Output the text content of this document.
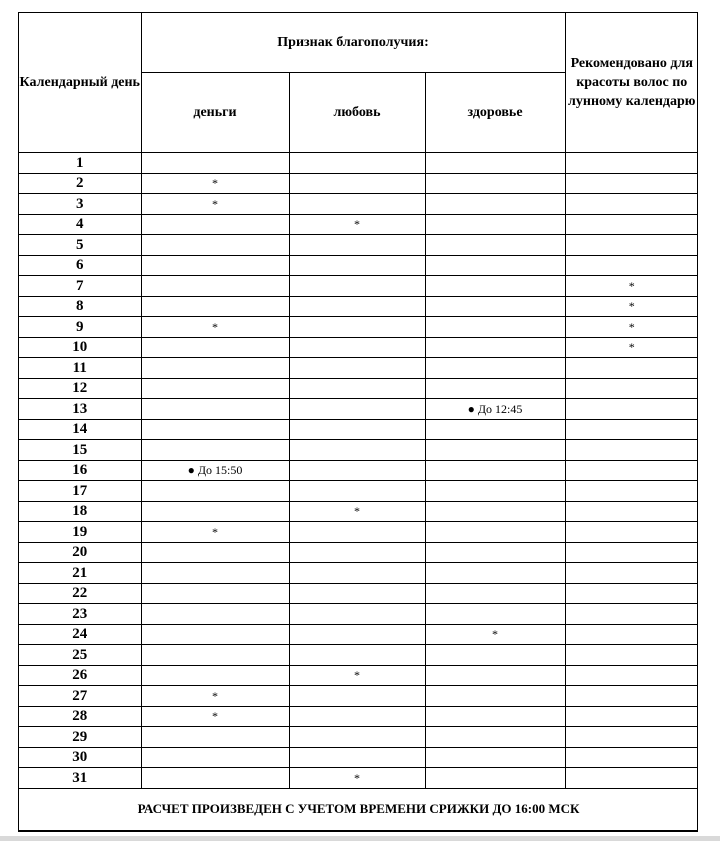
Календарный день	Признак благополучия:			Рекомендовано для красоты волос по лунному календарю
	деньги	любовь	здоровье	
1				
2	*			
3	*			
4		*		
5				
6				
7				*
8				*
9	*			*
10				*
11				
12				
13			● До 12:45	
14				
15				
16	● До 15:50			
17				
18		*		
19	*			
20				
21				
22				
23				
24			*	
25				
26		*		
27	*			
28	*			
29				
30				
31		*		
РАСЧЕТ ПРОИЗВЕДЕН С УЧЕТОМ ВРЕМЕНИ СРИЖКИ ДО 16:00 МСК				
